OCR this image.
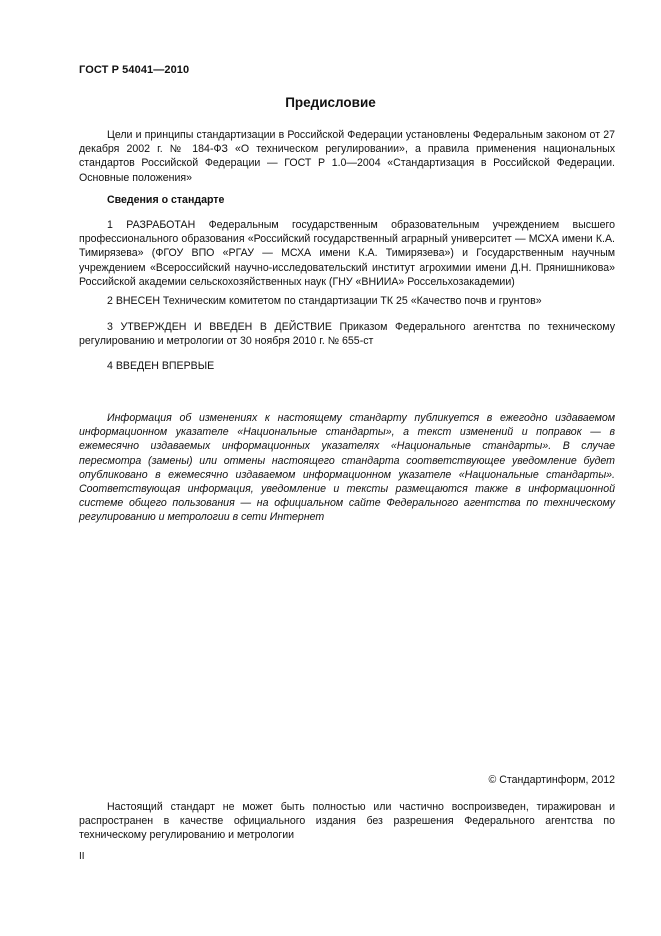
ГОСТ Р 54041—2010
Предисловие
Цели и принципы стандартизации в Российской Федерации установлены Федеральным законом от 27 декабря 2002 г. № 184-ФЗ «О техническом регулировании», а правила применения национальных стандартов Российской Федерации — ГОСТ Р 1.0—2004 «Стандартизация в Российской Федерации. Основные положения»
Сведения о стандарте
1 РАЗРАБОТАН Федеральным государственным образовательным учреждением высшего профессионального образования «Российский государственный аграрный университет — МСХА имени К.А. Тимирязева» (ФГОУ ВПО «РГАУ — МСХА имени К.А. Тимирязева») и Государственным научным учреждением «Всероссийский научно-исследовательский институт агрохимии имени Д.Н. Прянишникова» Российской академии сельскохозяйственных наук (ГНУ «ВНИИА» Россельхозакадемии)
2 ВНЕСЕН Техническим комитетом по стандартизации ТК 25 «Качество почв и грунтов»
3 УТВЕРЖДЕН И ВВЕДЕН В ДЕЙСТВИЕ Приказом Федерального агентства по техническому регулированию и метрологии от 30 ноября 2010 г. № 655-ст
4 ВВЕДЕН ВПЕРВЫЕ
Информация об изменениях к настоящему стандарту публикуется в ежегодно издаваемом информационном указателе «Национальные стандарты», а текст изменений и поправок — в ежемесячно издаваемых информационных указателях «Национальные стандарты». В случае пересмотра (замены) или отмены настоящего стандарта соответствующее уведомление будет опубликовано в ежемесячно издаваемом информационном указателе «Национальные стандарты». Соответствующая информация, уведомление и тексты размещаются также в информационной системе общего пользования — на официальном сайте Федерального агентства по техническому регулированию и метрологии в сети Интернет
© Стандартинформ, 2012
Настоящий стандарт не может быть полностью или частично воспроизведен, тиражирован и распространен в качестве официального издания без разрешения Федерального агентства по техническому регулированию и метрологии
II
